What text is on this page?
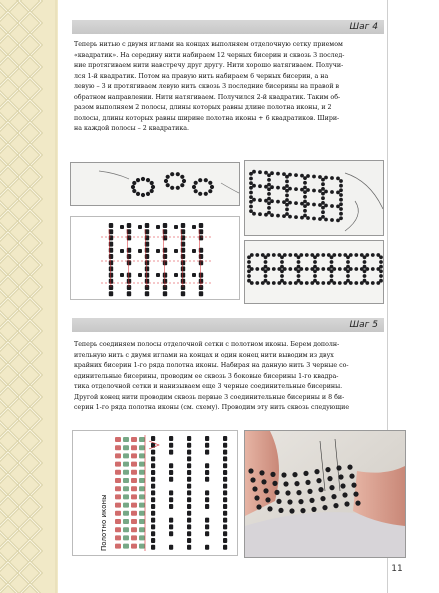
Шаг 4
Теперь нитью с двумя иглами на концах выполняем отделочную сетку приемом
«квадратик». На середину нити набираем 12 черных бисерин и сквозь 3 послед-
ние протягиваем нити навстречу друг другу. Нити хорошо натягиваем. Получи-
лся 1-й квадратик. Потом на правую нить набираем 6 черных бисерин, а на
левую – 3 и протягиваем левую нить сквозь 3 последние бисерины на правой в
обратном направлении. Нити натягиваем. Получился 2-й квадратик. Таким об-
разом выполняем 2 полосы, длины которых равны длине полотна иконы, и 2
полосы, длины которых равны ширине полотна иконы + 6 квадратиков. Шири-
на каждой полосы – 2 квадратика.
Шаг 5
Теперь соединяем полосы отделочной сетки с полотном иконы. Берем дополн-
ительную нить с двумя иглами на концах и один конец нити выводим из двух
крайних бисерин 1-го ряда полотна иконы. Набирая на данную нить 3 черные со-
единительные бисерины, проводим ее сквозь 3 боковые бисерины 1-го квадра-
тика отделочной сетки и нанизываем еще 3 черные соединительные бисерины.
Другой конец нити проводим сквозь первые 3 соединительные бисерины и 8 би-
серин 1-го ряда полотна иконы (см. схему). Проводим эту нить сквозь следующие
Полотно иконы
11
